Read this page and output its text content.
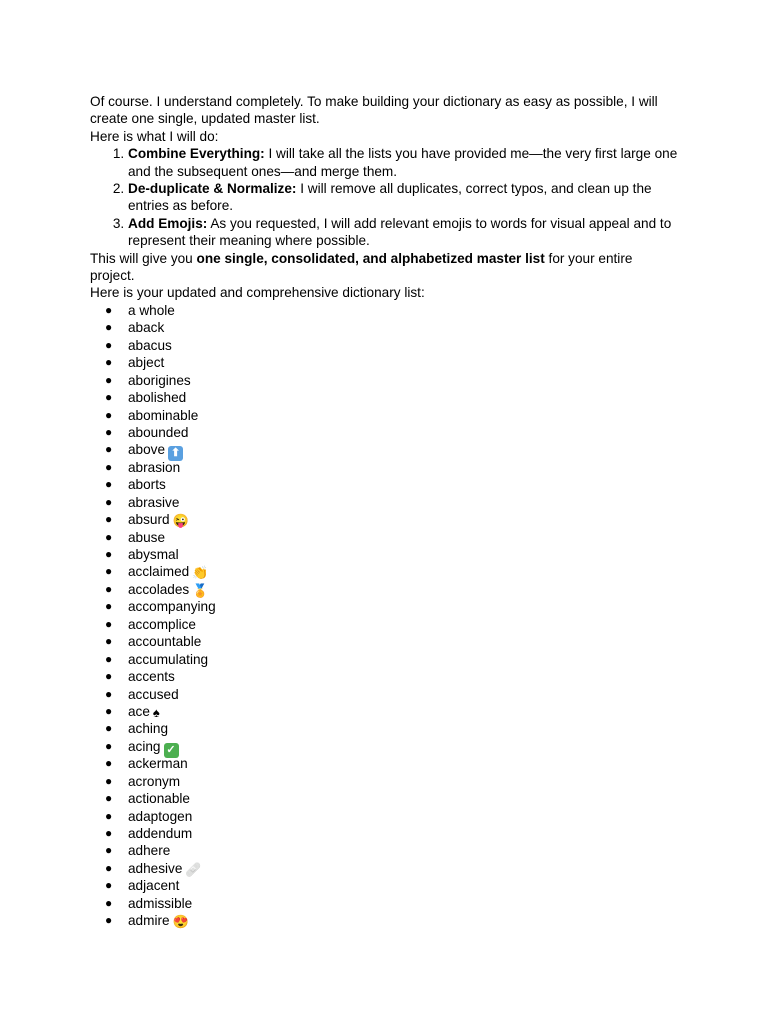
Of course. I understand completely. To make building your dictionary as easy as possible, I will create one single, updated master list.

Here is what I will do:

1. Combine Everything: I will take all the lists you have provided me—the very first large one and the subsequent ones—and merge them.
2. De-duplicate & Normalize: I will remove all duplicates, correct typos, and clean up the entries as before.
3. Add Emojis: As you requested, I will add relevant emojis to words for visual appeal and to represent their meaning where possible.

This will give you one single, consolidated, and alphabetized master list for your entire project.

Here is your updated and comprehensive dictionary list:

● a whole
● aback
● abacus
● abject
● aborigines
● abolished
● abominable
● abounded
● above ⬆
● abrasion
● aborts
● abrasive
● absurd 😜
● abuse
● abysmal
● acclaimed 👏
● accolades 🏅
● accompanying
● accomplice
● accountable
● accumulating
● accents
● accused
● ace ♠
● aching
● acing ✓
● ackerman
● acronym
● actionable
● adaptogen
● addendum
● adhere
● adhesive 🩹
● adjacent
● admissible
● admire 😍
